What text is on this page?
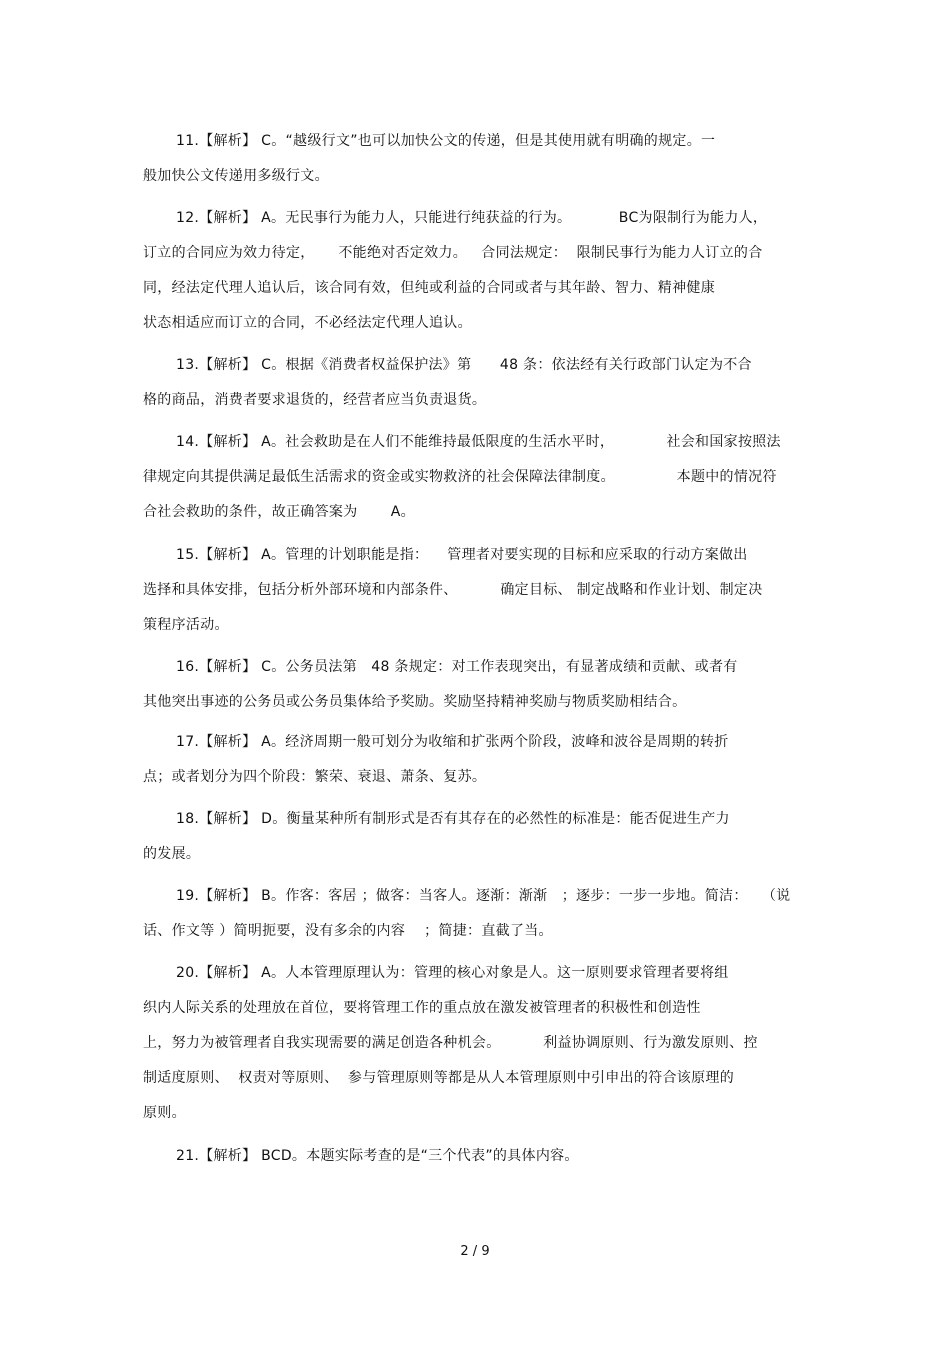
11.【解析】 C。“越级行文”也可以加快公文的传递，但是其使用就有明确的规定。一
般加快公文传递用多级行文。
12.【解析】 A。无民事行为能力人，只能进行纯获益的行为。          BC为限制行为能力人，
订立的合同应为效力待定，     不能绝对否定效力。   合同法规定：  限制民事行为能力人订立的合
同，经法定代理人追认后，该合同有效，但纯或利益的合同或者与其年龄、智力、精神健康
状态相适应而订立的合同，不必经法定代理人追认。
13.【解析】 C。根据《消费者权益保护法》第      48 条：依法经有关行政部门认定为不合
格的商品，消费者要求退货的，经营者应当负责退货。
14.【解析】 A。社会救助是在人们不能维持最低限度的生活水平时，           社会和国家按照法
律规定向其提供满足最低生活需求的资金或实物救济的社会保障法律制度。             本题中的情况符
合社会救助的条件，故正确答案为       A。
15.【解析】 A。管理的计划职能是指：    管理者对要实现的目标和应采取的行动方案做出
选择和具体安排，包括分析外部环境和内部条件、         确定目标、 制定战略和作业计划、制定决
策程序活动。
16.【解析】 C。公务员法第   48 条规定：对工作表现突出，有显著成绩和贡献、或者有
其他突出事迹的公务员或公务员集体给予奖励。奖励坚持精神奖励与物质奖励相结合。
17.【解析】 A。经济周期一般可划分为收缩和扩张两个阶段，波峰和波谷是周期的转折
点；或者划分为四个阶段：繁荣、衰退、萧条、复苏。
18.【解析】 D。衡量某种所有制形式是否有其存在的必然性的标准是：能否促进生产力
的发展。
19.【解析】 B。作客：客居 ；做客：当客人。逐渐：渐渐   ；逐步：一步一步地。简洁：   （说
话、作文等 ）简明扼要，没有多余的内容    ；简捷：直截了当。
20.【解析】 A。人本管理原理认为：管理的核心对象是人。这一原则要求管理者要将组
织内人际关系的处理放在首位，要将管理工作的重点放在激发被管理者的积极性和创造性
上，努力为被管理者自我实现需要的满足创造各种机会。         利益协调原则、行为激发原则、控
制适度原则、  权责对等原则、  参与管理原则等都是从人本管理原则中引申出的符合该原理的
原则。
21.【解析】 BCD。本题实际考查的是“三个代表”的具体内容。
2 / 9
